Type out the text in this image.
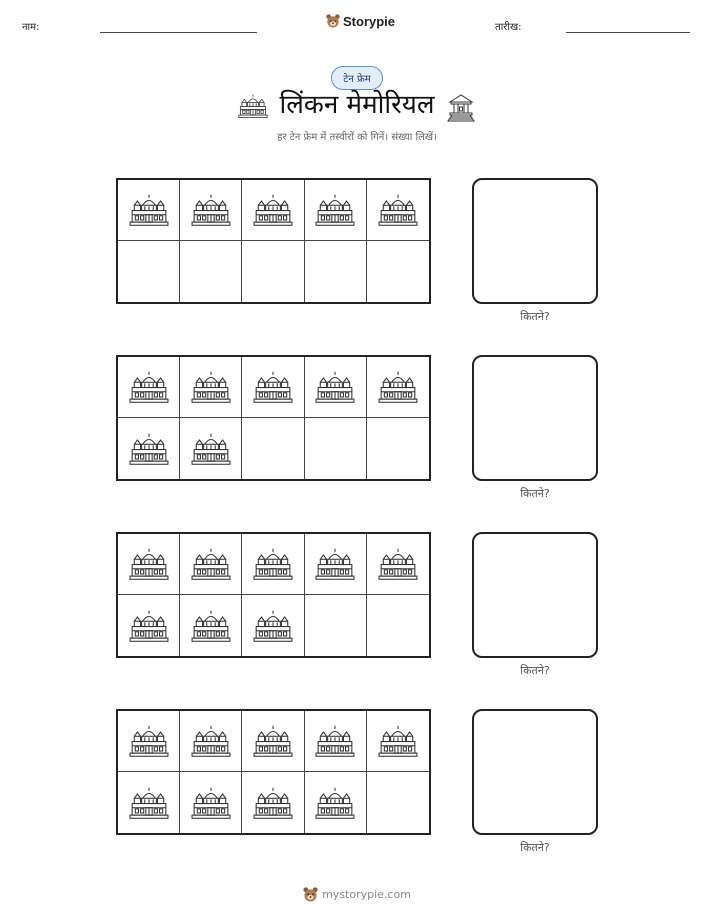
नाम:	Storypie	तारीख:
टेन फ्रेम
लिंकन मेमोरियल
हर टेन फ्रेम में तस्वीरों को गिनें। संख्या लिखें।
कितने?
कितने?
कितने?
कितने?
mystorypie.com
